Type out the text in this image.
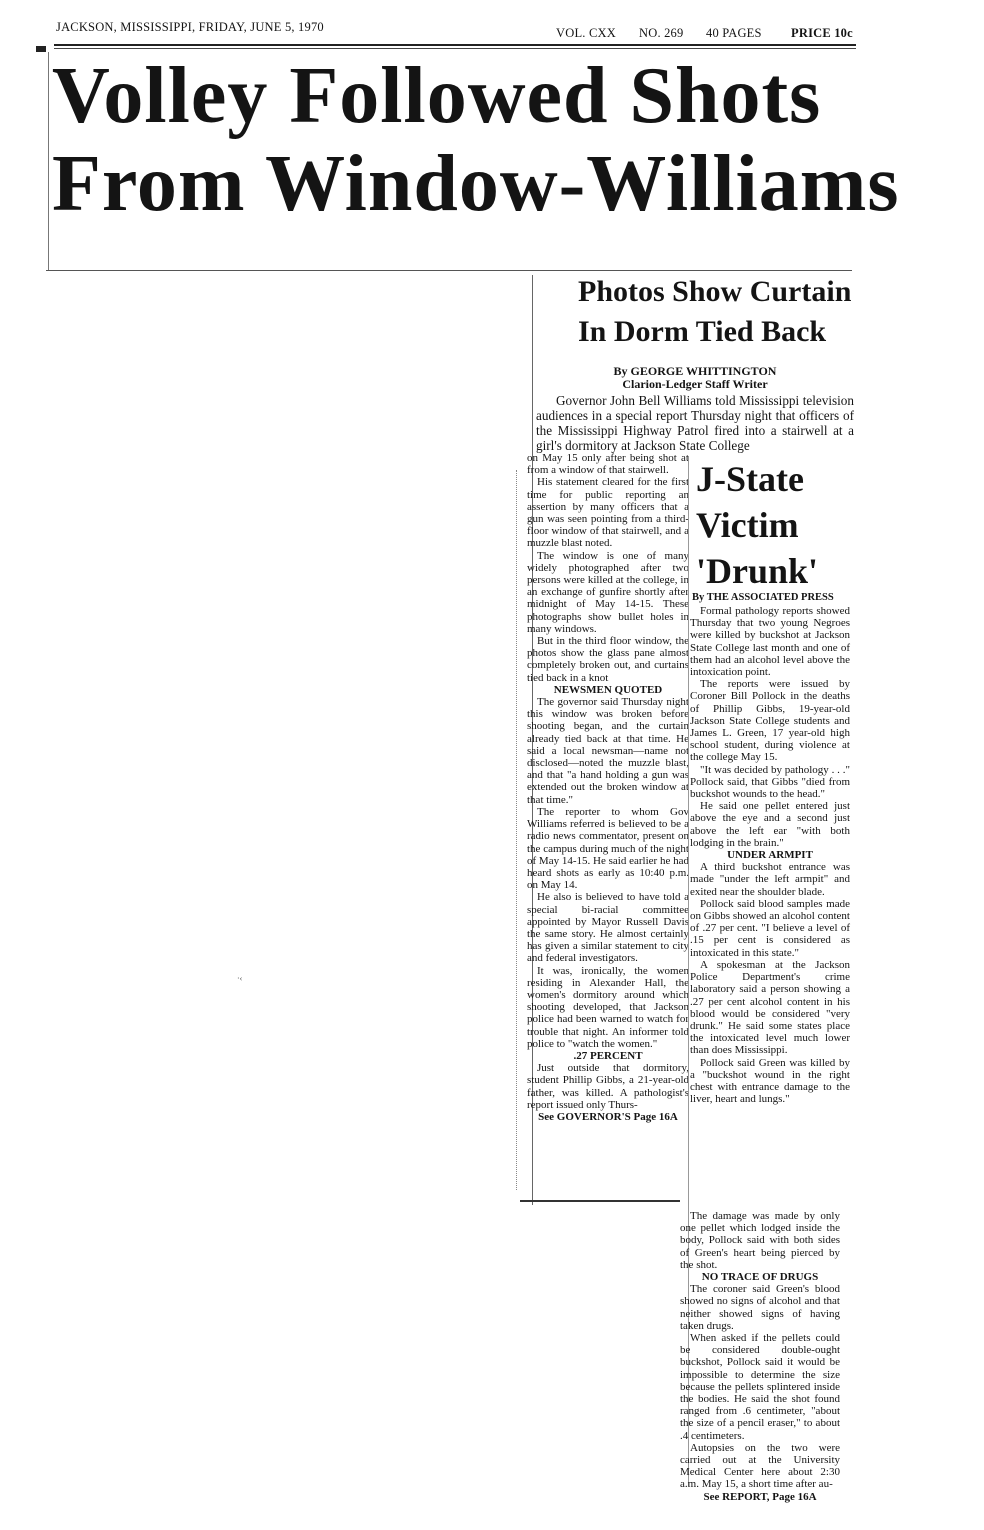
JACKSON, MISSISSIPPI, FRIDAY, JUNE 5, 1970	VOL. CXX NO. 269 40 PAGES PRICE 10c
Volley Followed Shots
From Window-Williams
Photos Show Curtain
In Dorm Tied Back
By GEORGE WHITTINGTON
Clarion-Ledger Staff Writer
Governor John Bell Williams told Mississippi television audiences in a special report Thursday night that officers of the Mississippi Highway Patrol fired into a stairwell at a girl's dormitory at Jackson State College

on May 15 only after being shot at from a window of that stairwell.

His statement cleared for the first time for public reporting an assertion by many officers that a gun was seen pointing from a third-floor window of that stairwell, and a muzzle blast noted.

The window is one of many widely photographed after two persons were killed at the college, in an exchange of gunfire shortly after midnight of May 14-15. These photographs show bullet holes in many windows.

But in the third floor window, the photos show the glass pane almost completely broken out, and curtains tied back in a knot

NEWSMEN QUOTED

The governor said Thursday night this window was broken before shooting began, and the curtain already tied back at that time. He said a local newsman—name not disclosed—noted the muzzle blast, and that "a hand holding a gun was extended out the broken window at that time."

The reporter to whom Gov Williams referred is believed to be a radio news commentator, present on the campus during much of the night of May 14-15. He said earlier he had heard shots as early as 10:40 p.m. on May 14.

He also is believed to have told a special bi-racial committee appointed by Mayor Russell Davis the same story. He almost certainly has given a similar statement to city and federal investigators.

It was, ironically, the women residing in Alexander Hall, the women's dormitory around which shooting developed, that Jackson police had been warned to watch for trouble that night. An informer told police to "watch the women."

.27 PERCENT

Just outside that dormitory, student Phillip Gibbs, a 21-year-old father, was killed. A pathologist's report issued only Thurs-

See GOVERNOR'S Page 16A

J-State
Victim
'Drunk'
By THE ASSOCIATED PRESS

Formal pathology reports showed Thursday that two young Negroes were killed by buckshot at Jackson State College last month and one of them had an alcohol level above the intoxication point.

The reports were issued by Coroner Bill Pollock in the deaths of Phillip Gibbs, 19-year-old Jackson State College students and James L. Green, 17 year-old high school student, during violence at the college May 15.

"It was decided by pathology . . ." Pollock said, that Gibbs "died from buckshot wounds to the head."

He said one pellet entered just above the eye and a second just above the left ear "with both lodging in the brain."

UNDER ARMPIT

A third buckshot entrance was made "under the left armpit" and exited near the shoulder blade.

Pollock said blood samples made on Gibbs showed an alcohol content of .27 per cent. "I believe a level of .15 per cent is considered as intoxicated in this state."

A spokesman at the Jackson Police Department's crime laboratory said a person showing a .27 per cent alcohol content in his blood would be considered "very drunk." He said some states place the intoxicated level much lower than does Mississippi.

Pollock said Green was killed by a "buckshot wound in the right chest with entrance damage to the liver, heart and lungs."

The damage was made by only one pellet which lodged inside the body, Pollock said with both sides of Green's heart being pierced by the shot.

NO TRACE OF DRUGS

The coroner said Green's blood showed no signs of alcohol and that neither showed signs of having taken drugs.

When asked if the pellets could be considered double-ought buckshot, Pollock said it would be impossible to determine the size because the pellets splintered inside the bodies. He said the shot found ranged from .6 centimeter, "about the size of a pencil eraser," to about .4 centimeters.

Autopsies on the two were carried out at the University Medical Center here about 2:30 a.m. May 15, a short time after au-

See REPORT, Page 16A

·‹
